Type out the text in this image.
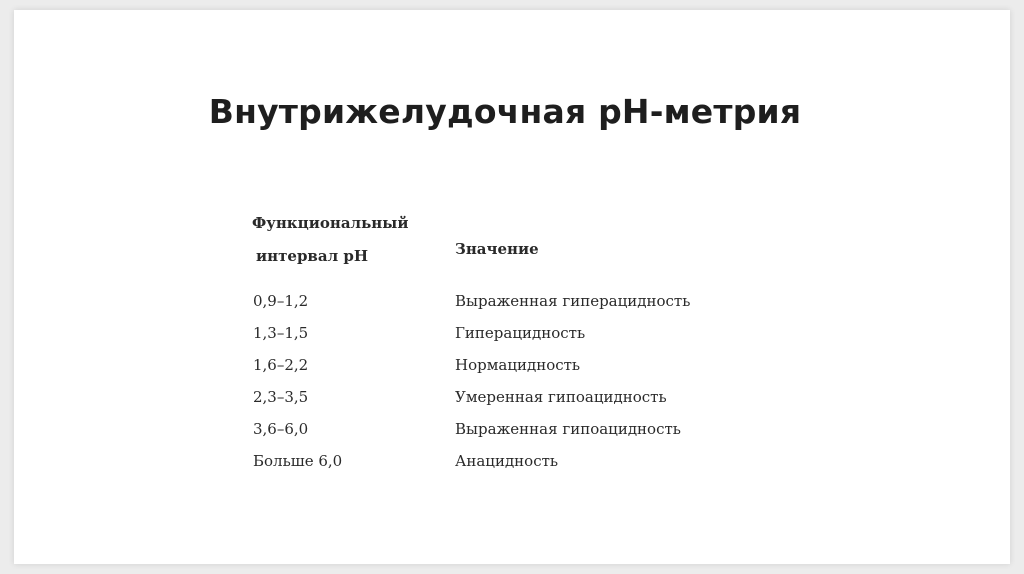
Внутрижелудочная pH-метрия
Функциональный
интервал pH	Значение
0,9–1,2	Выраженная гиперацидность
1,3–1,5	Гиперацидность
1,6–2,2	Нормацидность
2,3–3,5	Умеренная гипоацидность
3,6–6,0	Выраженная гипоацидность
Больше 6,0	Анацидность
